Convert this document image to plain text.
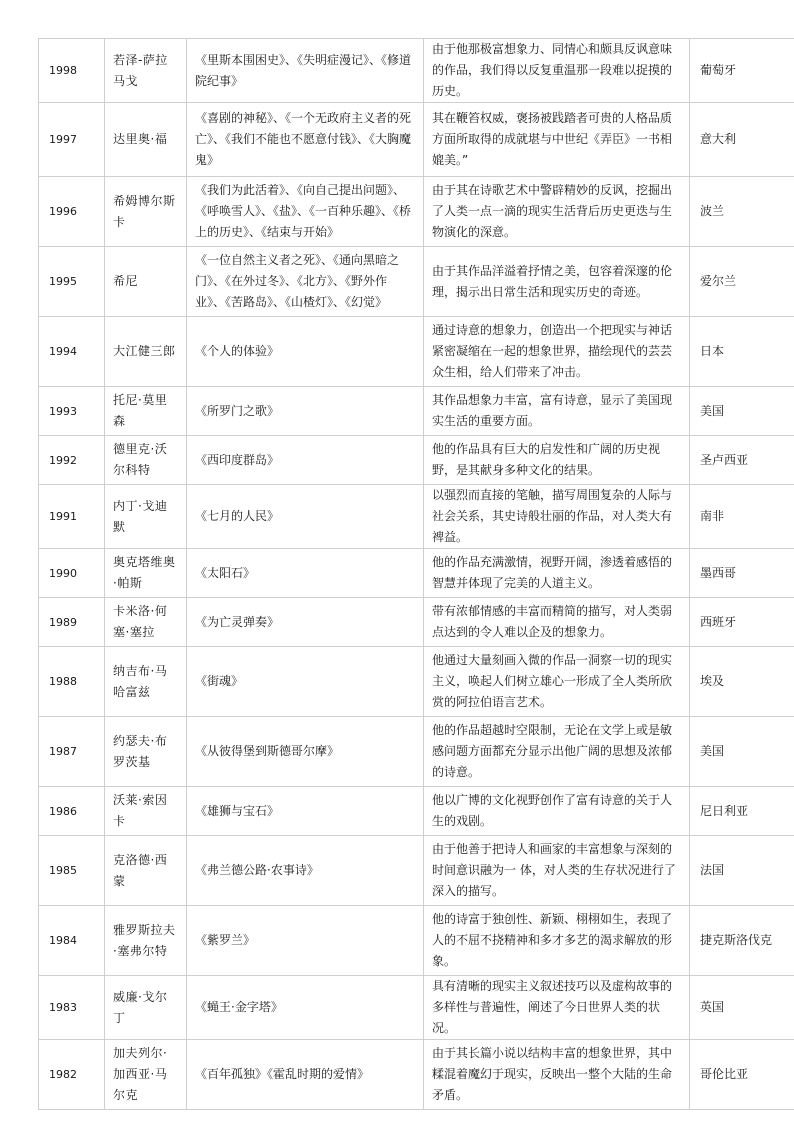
1998	若泽-萨拉马戈	《里斯本围困史》、《失明症漫记》、《修道院纪事》	由于他那极富想象力、同情心和颇具反讽意味的作品，我们得以反复重温那一段难以捉摸的历史。	葡萄牙
1997	达里奥·福	《喜剧的神秘》、《一个无政府主义者的死亡》、《我们不能也不愿意付钱》、《大胸魔鬼》	其在鞭笞权威，褒扬被践踏者可贵的人格品质方面所取得的成就堪与中世纪《弄臣》一书相媲美。”	意大利
1996	希姆博尔斯卡	《我们为此活着》、《向自己提出问题》、《呼唤雪人》、《盐》、《一百种乐趣》、《桥上的历史》、《结束与开始》	由于其在诗歌艺术中警辟精妙的反讽，挖掘出了人类一点一滴的现实生活背后历史更迭与生物演化的深意。	波兰
1995	希尼	《一位自然主义者之死》、《通向黑暗之门》、《在外过冬》、《北方》、《野外作业》、《苦路岛》、《山楂灯》、《幻觉》	由于其作品洋溢着抒情之美，包容着深邃的伦理，揭示出日常生活和现实历史的奇迹。	爱尔兰
1994	大江健三郎	《个人的体验》	通过诗意的想象力，创造出一个把现实与神话紧密凝缩在一起的想象世界，描绘现代的芸芸众生相，给人们带来了冲击。	日本
1993	托尼·莫里森	《所罗门之歌》	其作品想象力丰富，富有诗意，显示了美国现实生活的重要方面。	美国
1992	德里克·沃尔科特	《西印度群岛》	他的作品具有巨大的启发性和广阔的历史视野，是其献身多种文化的结果。	圣卢西亚
1991	内丁·戈迪默	《七月的人民》	以强烈而直接的笔触，描写周围复杂的人际与社会关系，其史诗般壮丽的作品，对人类大有裨益。	南非
1990	奥克塔维奥·帕斯	《太阳石》	他的作品充满激情，视野开阔，渗透着感悟的智慧并体现了完美的人道主义。	墨西哥
1989	卡米洛·何塞·塞拉	《为亡灵弹奏》	带有浓郁情感的丰富而精简的描写，对人类弱点达到的令人难以企及的想象力。	西班牙
1988	纳吉布·马哈富兹	《街魂》	他通过大量刻画入微的作品一洞察一切的现实主义，唤起人们树立雄心一形成了全人类所欣赏的阿拉伯语言艺术。	埃及
1987	约瑟夫·布罗茨基	《从彼得堡到斯德哥尔摩》	他的作品超越时空限制，无论在文学上或是敏感问题方面都充分显示出他广阔的思想及浓郁的诗意。	美国
1986	沃莱·索因卡	《雄狮与宝石》	他以广博的文化视野创作了富有诗意的关于人生的戏剧。	尼日利亚
1985	克洛德·西蒙	《弗兰德公路·农事诗》	由于他善于把诗人和画家的丰富想象与深刻的时间意识融为一 体，对人类的生存状况进行了深入的描写。	法国
1984	雅罗斯拉夫·塞弗尔特	《紫罗兰》	他的诗富于独创性、新颖、栩栩如生，表现了人的不屈不挠精神和多才多艺的渴求解放的形象。	捷克斯洛伐克
1983	威廉·戈尔丁	《蝇王·金字塔》	具有清晰的现实主义叙述技巧以及虚构故事的多样性与普遍性，阐述了今日世界人类的状况。	英国
1982	加夫列尔· 加西亚·马尔克	《百年孤独》《霍乱时期的爱情》	由于其长篇小说以结构丰富的想象世界，其中糅混着魔幻于现实，反映出一整个大陆的生命矛盾。	哥伦比亚
